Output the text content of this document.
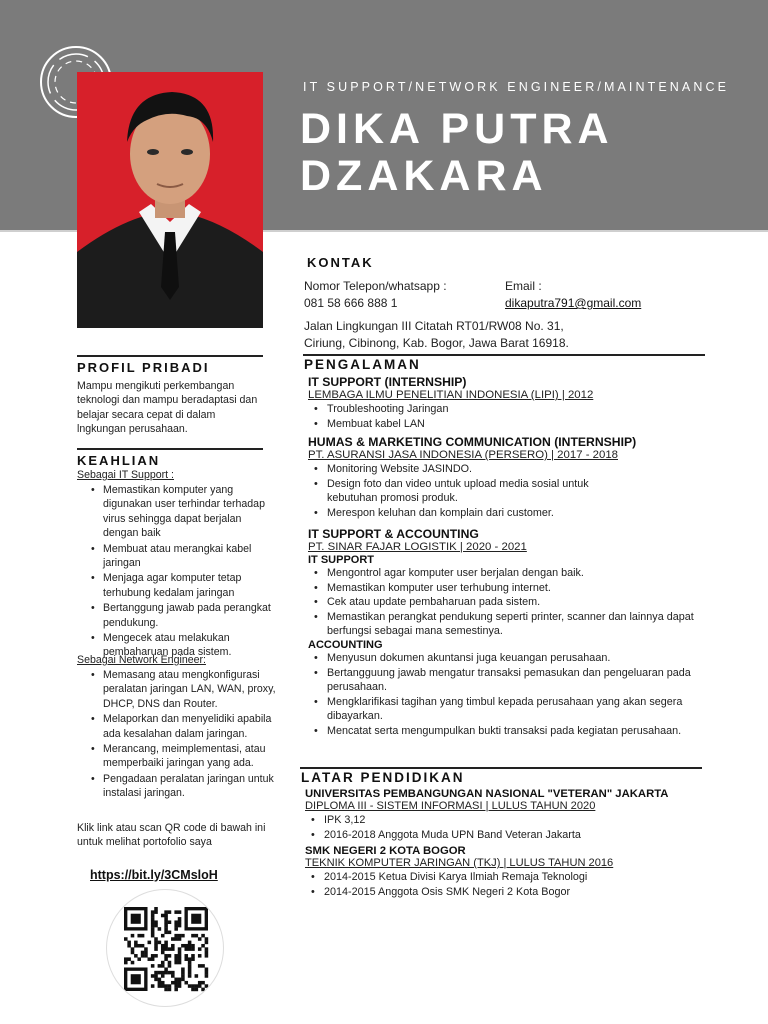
IT SUPPORT/NETWORK ENGINEER/MAINTENANCE
DIKA PUTRA
DZAKARA
KONTAK
Nomor Telepon/whatsapp :
081 58 666 888 1
Email :
dikaputra791@gmail.com
Jalan Lingkungan III Citatah RT01/RW08 No. 31,
Ciriung, Cibinong, Kab. Bogor, Jawa Barat 16918.
PROFIL PRIBADI
Mampu mengikuti perkembangan teknologi dan mampu beradaptasi dan belajar secara cepat di dalam lngkungan perusahaan.
KEAHLIAN
Sebagai IT Support :
• Memastikan komputer yang digunakan user terhindar terhadap virus sehingga dapat berjalan dengan baik
• Membuat atau merangkai kabel jaringan
• Menjaga agar komputer tetap terhubung kedalam jaringan
• Bertanggung jawab pada perangkat pendukung.
• Mengecek atau melakukan pembaharuan pada sistem.
Sebagai Network Engineer:
• Memasang atau mengkonfigurasi peralatan jaringan LAN, WAN, proxy, DHCP, DNS dan Router.
• Melaporkan dan menyelidiki apabila ada kesalahan dalam jaringan.
• Merancang, meimplementasi, atau memperbaiki jaringan yang ada.
• Pengadaan peralatan jaringan untuk instalasi jaringan.
Klik link atau scan QR code di bawah ini untuk melihat portofolio saya
https://bit.ly/3CMsloH
PENGALAMAN
IT SUPPORT (INTERNSHIP)
LEMBAGA ILMU PENELITIAN INDONESIA (LIPI) | 2012
• Troubleshooting Jaringan
• Membuat kabel LAN
HUMAS & MARKETING COMMUNICATION (INTERNSHIP)
PT. ASURANSI JASA INDONESIA (PERSERO) | 2017 - 2018
• Monitoring Website JASINDO.
• Design foto dan video untuk upload media sosial untuk kebutuhan promosi produk.
• Merespon keluhan dan komplain dari customer.
IT SUPPORT & ACCOUNTING
PT. SINAR FAJAR LOGISTIK | 2020 - 2021
IT SUPPORT
• Mengontrol agar komputer user berjalan dengan baik.
• Memastikan komputer user terhubung internet.
• Cek atau update pembaharuan pada sistem.
• Memastikan perangkat pendukung seperti printer, scanner dan lainnya dapat berfungsi sebagai mana semestinya.
ACCOUNTING
• Menyusun dokumen akuntansi juga keuangan perusahaan.
• Bertangguung jawab mengatur transaksi pemasukan dan pengeluaran pada perusahaan.
• Mengklarifikasi tagihan yang timbul kepada perusahaan yang akan segera dibayarkan.
• Mencatat serta mengumpulkan bukti transaksi pada kegiatan perusahaan.
LATAR PENDIDIKAN
UNIVERSITAS PEMBANGUNGAN NASIONAL "VETERAN" JAKARTA
DIPLOMA III - SISTEM INFORMASI | LULUS TAHUN 2020
• IPK 3,12
• 2016-2018 Anggota Muda UPN Band Veteran Jakarta
SMK NEGERI 2 KOTA BOGOR
TEKNIK KOMPUTER JARINGAN (TKJ) | LULUS TAHUN 2016
• 2014-2015 Ketua Divisi Karya Ilmiah Remaja Teknologi
• 2014-2015 Anggota Osis SMK Negeri 2 Kota Bogor
